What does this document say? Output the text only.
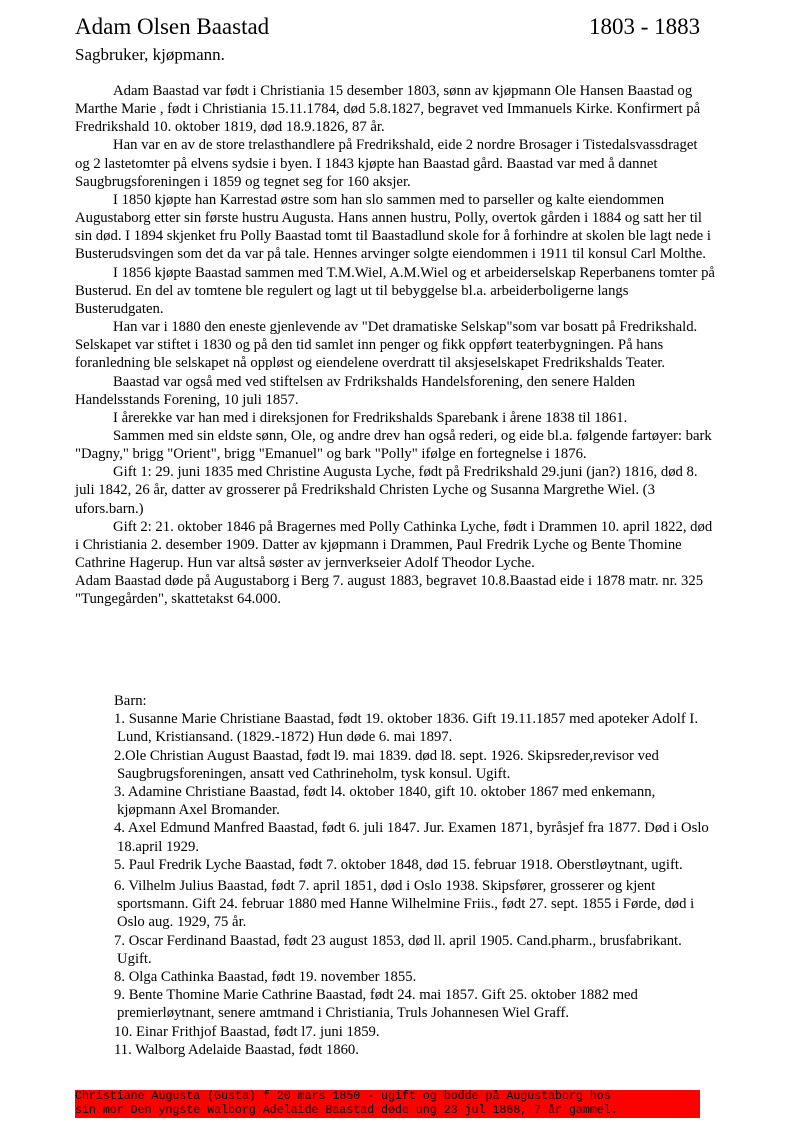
Adam Olsen Baastad	1803 - 1883
Sagbruker, kjøpmann.

Adam Baastad var født i Christiania 15 desember 1803, sønn av kjøpmann Ole Hansen Baastad og Marthe Marie , født i Christiania 15.11.1784, død 5.8.1827, begravet ved Immanuels Kirke. Konfirmert på Fredrikshald 10. oktober 1819, død 18.9.1826, 87 år.

Han var en av de store trelasthandlere på Fredrikshald, eide 2 nordre Brosager i Tistedalsvassdraget og 2 lastetomter på elvens sydsie i byen. I 1843 kjøpte han Baastad gård. Baastad var med å dannet Saugbrugsforeningen i 1859 og tegnet seg for 160 aksjer.

I 1850 kjøpte han Karrestad østre som han slo sammen med to parseller og kalte eiendommen Augustaborg etter sin første hustru Augusta. Hans annen hustru, Polly, overtok gården i 1884 og satt her til sin død. I 1894 skjenket fru Polly Baastad tomt til Baastadlund skole for å forhindre at skolen ble lagt nede i Busterudsvingen som det da var på tale. Hennes arvinger solgte eiendommen i 1911 til konsul Carl Molthe.

I 1856 kjøpte Baastad sammen med T.M.Wiel, A.M.Wiel og et arbeiderselskap Reperbanens tomter på Busterud. En del av tomtene ble regulert og lagt ut til bebyggelse bl.a. arbeiderboligerne langs Busterudgaten.

Han var i 1880 den eneste gjenlevende av "Det dramatiske Selskap"som var bosatt på Fredrikshald. Selskapet var stiftet i 1830 og på den tid samlet inn penger og fikk oppført teaterbygningen. På hans foranledning ble selskapet nå oppløst og eiendelene overdratt til aksjeselskapet Fredrikshalds Teater.

Baastad var også med ved stiftelsen av Frdrikshalds Handelsforening, den senere Halden Handelsstands Forening, 10 juli 1857.

I årerekke var han med i direksjonen for Fredrikshalds Sparebank i årene 1838 til 1861.

Sammen med sin eldste sønn, Ole, og andre drev han også rederi, og eide bl.a. følgende fartøyer: bark "Dagny," brigg "Orient", brigg "Emanuel" og bark "Polly" ifølge en fortegnelse i 1876.

Gift 1: 29. juni 1835 med Christine Augusta Lyche, født på Fredrikshald 29.juni (jan?) 1816, død 8. juli 1842, 26 år, datter av grosserer på Fredrikshald Christen Lyche og Susanna Margrethe Wiel. (3 ufors.barn.)

Gift 2: 21. oktober 1846 på Bragernes med Polly Cathinka Lyche, født i Drammen 10. april 1822, død i Christiania 2. desember 1909. Datter av kjøpmann i Drammen, Paul Fredrik Lyche og Bente Thomine Cathrine Hagerup. Hun var altså søster av jernverkseier Adolf Theodor Lyche.

Adam Baastad døde på Augustaborg i Berg 7. august 1883, begravet 10.8.Baastad eide i 1878 matr. nr. 325 "Tungegården", skattetakst 64.000.

Barn:

1. Susanne Marie Christiane Baastad, født 19. oktober 1836. Gift 19.11.1857 med apoteker Adolf I. Lund, Kristiansand. (1829.-1872) Hun døde 6. mai 1897.

2.Ole Christian August Baastad, født l9. mai 1839. død l8. sept. 1926. Skipsreder,revisor ved Saugbrugsforeningen, ansatt ved Cathrineholm, tysk konsul. Ugift.

3. Adamine Christiane Baastad, født l4. oktober 1840, gift 10. oktober 1867 med enkemann, kjøpmann Axel Bromander.

4. Axel Edmund Manfred Baastad, født 6. juli 1847. Jur. Examen 1871, byråsjef fra 1877. Død i Oslo 18.april 1929.

5. Paul Fredrik Lyche Baastad, født 7. oktober 1848, død 15. februar 1918. Oberstløytnant, ugift.

6. Vilhelm Julius Baastad, født 7. april 1851, død i Oslo 1938. Skipsfører, grosserer og kjent sportsmann. Gift 24. februar 1880 med Hanne Wilhelmine Friis., født 27. sept. 1855 i Førde, død i Oslo aug. 1929, 75 år.

7. Oscar Ferdinand Baastad, født 23 august 1853, død ll. april 1905. Cand.pharm., brusfabrikant. Ugift.

8. Olga Cathinka Baastad, født 19. november 1855.

9. Bente Thomine Marie Cathrine Baastad, født 24. mai 1857. Gift 25. oktober 1882 med premierløytnant, senere amtmand i Christiania, Truls Johannesen Wiel Graff.

10. Einar Frithjof Baastad, født l7. juni 1859.

11. Walborg Adelaide Baastad, født 1860.

Christiane Augusta (Gusta) f 20 mars 1850 - ugift og bodde på Augustaborg hos
sin mor Den yngste Walborg Adelaide Baastad døde ung 23 jul 1868, 7 år gammel.
